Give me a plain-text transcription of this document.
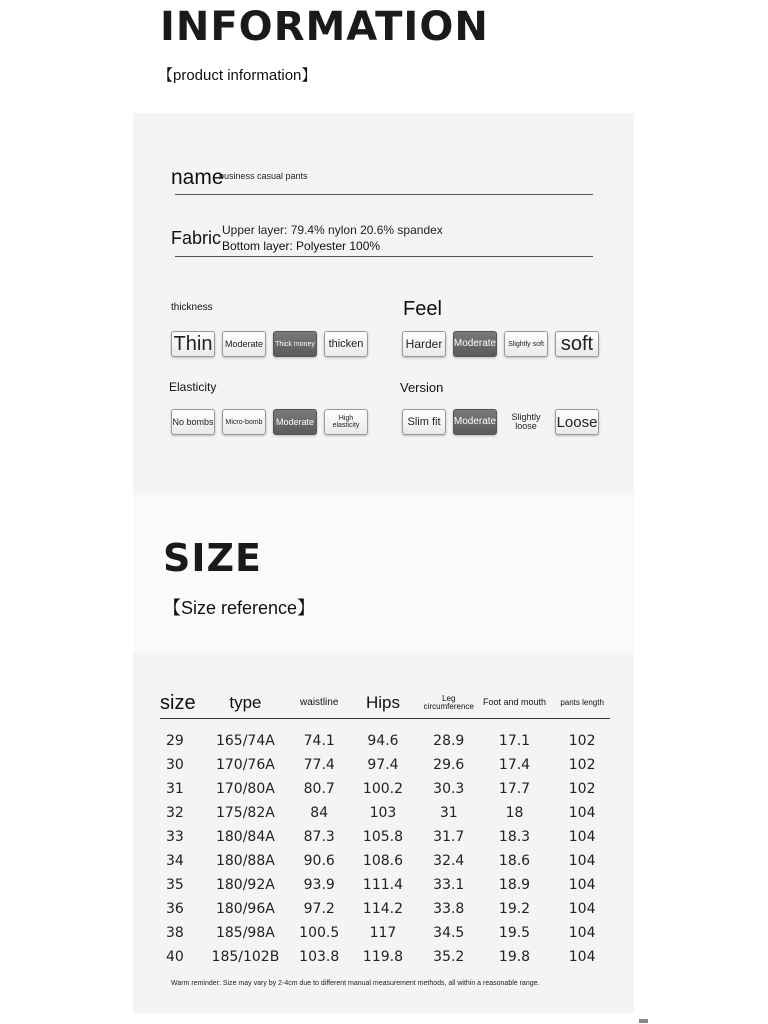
INFORMATION
【product information】
name
business casual pants
Fabric Upper layer: 79.4% nylon 20.6% spandex
Bottom layer: Polyester 100%
thickness
Thin	Moderate	Thick money	thicken
Feel
Harder	Moderate	Slightly soft soft
Elasticity
No bombs	Micro-bomb	Moderate	High elasticity
Version
Slim fit	Moderate	Slightly loose	Loose
SIZE
【Size reference】
size	type	waistline	Hips	Leg circumference	Foot and mouth	pants length

29	165/74A	74.1	94.6	28.9	17.1	102
30	170/76A	77.4	97.4	29.6	17.4	102
31	170/80A	80.7	100.2	30.3	17.7	102
32	175/82A	84	103	31	18	104
33	180/84A	87.3	105.8	31.7	18.3	104
34	180/88A	90.6	108.6	32.4	18.6	104
35	180/92A	93.9	111.4	33.1	18.9	104
36	180/96A	97.2	114.2	33.8	19.2	104
38	185/98A	100.5	117	34.5	19.5	104
40	185/102B	103.8	119.8	35.2	19.8	104
Warm reminder: Size may vary by 2-4cm due to different manual measurement methods, all within a reasonable range.
